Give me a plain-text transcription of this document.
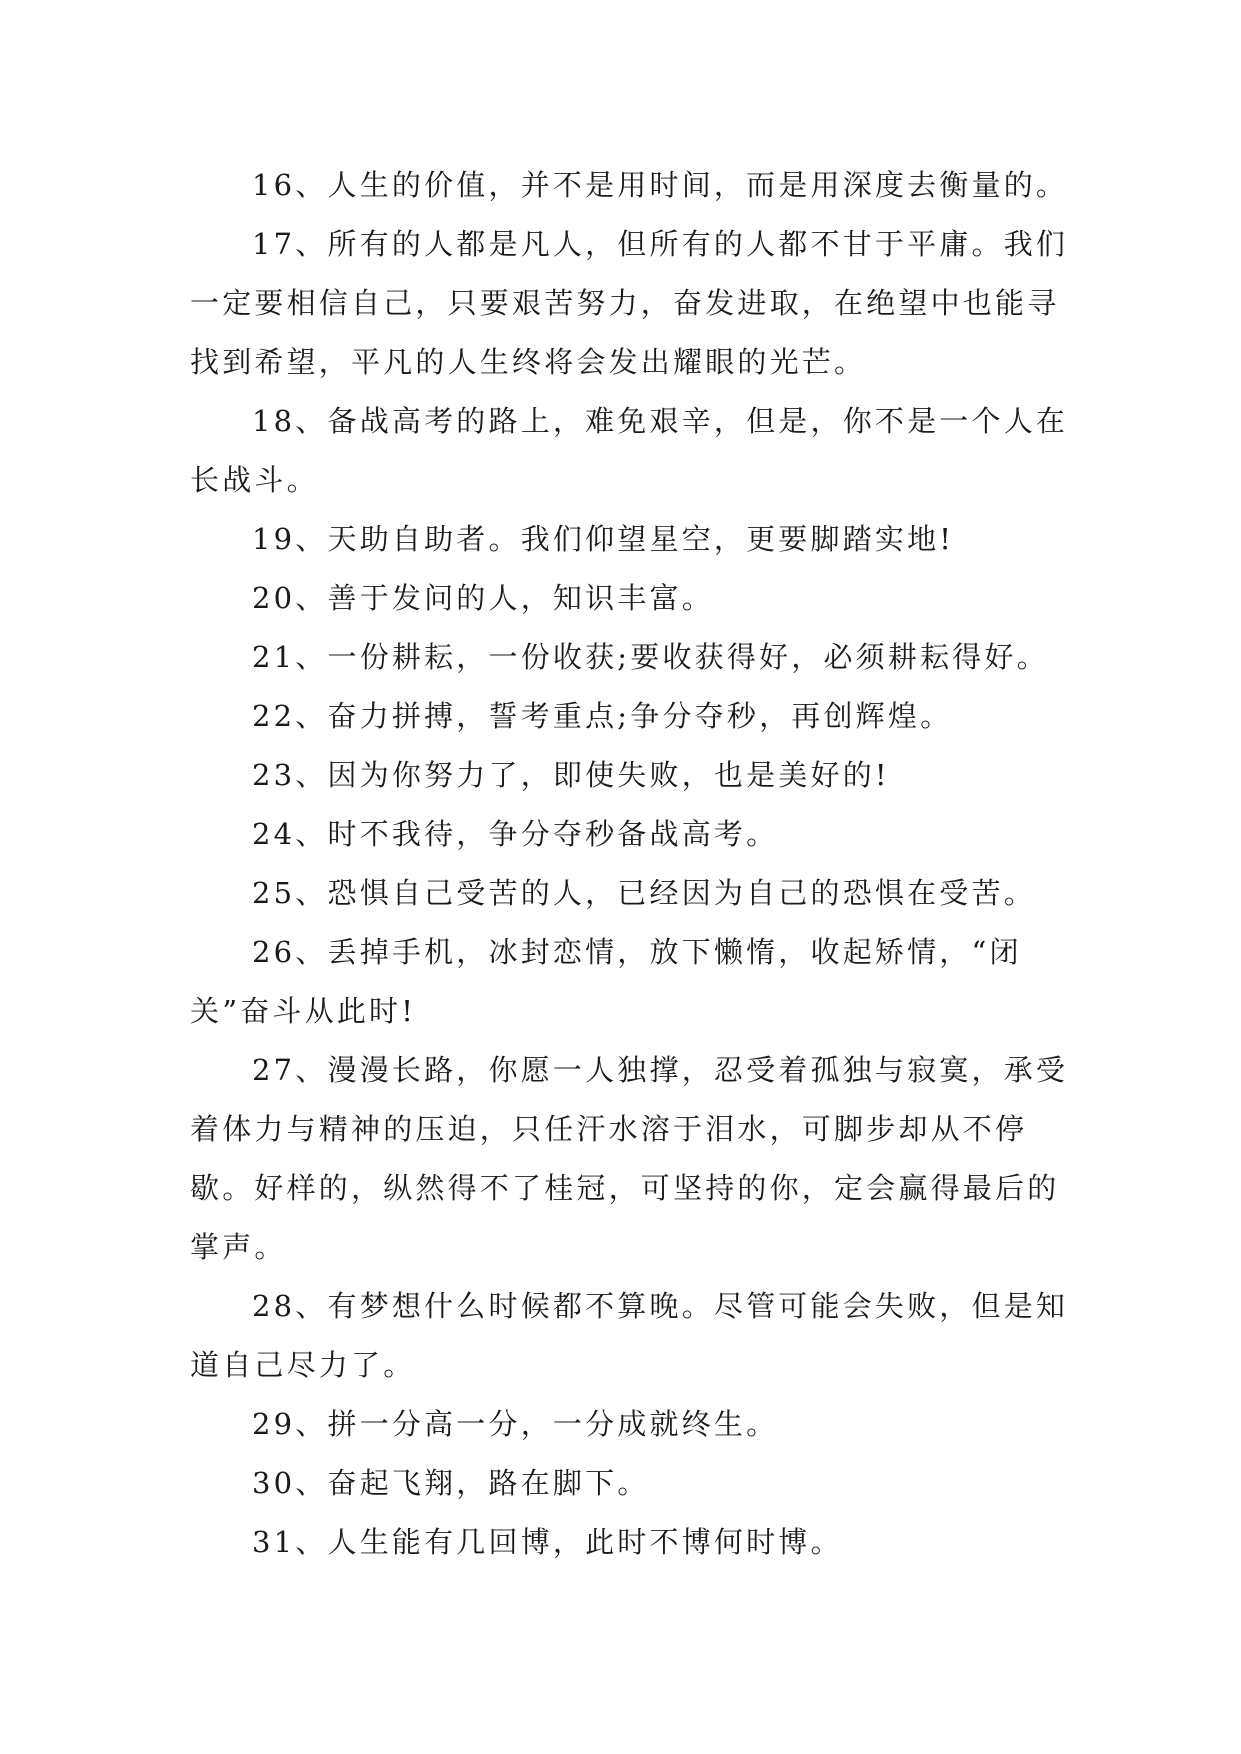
16、人生的价值，并不是用时间，而是用深度去衡量的。

17、所有的人都是凡人，但所有的人都不甘于平庸。我们一定要相信自己，只要艰苦努力，奋发进取，在绝望中也能寻找到希望，平凡的人生终将会发出耀眼的光芒。

18、备战高考的路上，难免艰辛，但是，你不是一个人在长战斗。

19、天助自助者。我们仰望星空，更要脚踏实地!

20、善于发问的人，知识丰富。

21、一份耕耘，一份收获;要收获得好，必须耕耘得好。

22、奋力拼搏，誓考重点;争分夺秒，再创辉煌。

23、因为你努力了，即使失败，也是美好的!

24、时不我待，争分夺秒备战高考。

25、恐惧自己受苦的人，已经因为自己的恐惧在受苦。

26、丢掉手机，冰封恋情，放下懒惰，收起矫情，“闭关”奋斗从此时!

27、漫漫长路，你愿一人独撑，忍受着孤独与寂寞，承受着体力与精神的压迫，只任汗水溶于泪水，可脚步却从不停歇。好样的，纵然得不了桂冠，可坚持的你，定会赢得最后的掌声。

28、有梦想什么时候都不算晚。尽管可能会失败，但是知道自己尽力了。

29、拼一分高一分，一分成就终生。

30、奋起飞翔，路在脚下。

31、人生能有几回博，此时不博何时博。
